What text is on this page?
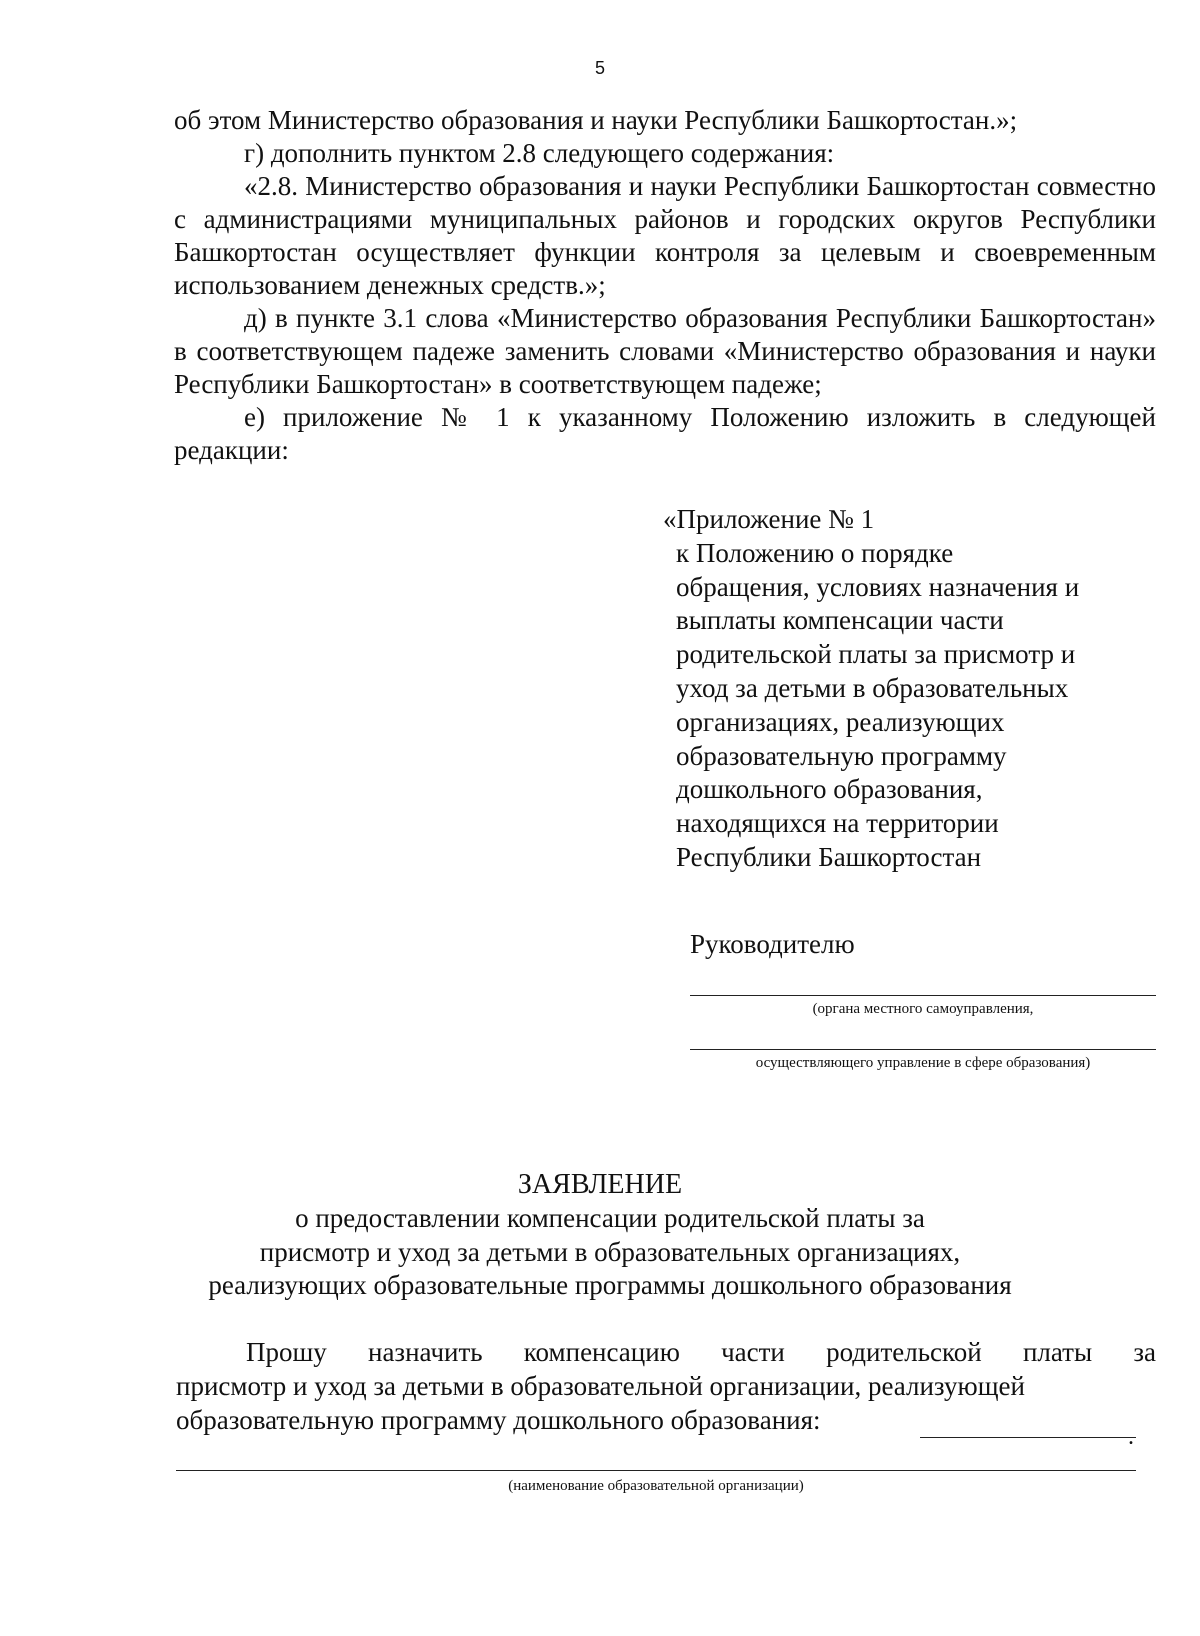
5

об этом Министерство образования и науки Республики Башкортостан.»;

г) дополнить пунктом 2.8 следующего содержания:

«2.8. Министерство образования и науки Республики Башкортостан совместно с администрациями муниципальных районов и городских округов Республики Башкортостан осуществляет функции контроля за целевым и своевременным использованием денежных средств.»;

д) в пункте 3.1 слова «Министерство образования Республики Башкортостан» в соответствующем падеже заменить словами «Министерство образования и науки Республики Башкортостан» в соответствующем падеже;

е) приложение № 1 к указанному Положению изложить в следующей редакции:

«Приложение № 1
к Положению о порядке
обращения, условиях назначения и
выплаты компенсации части
родительской платы за присмотр и
уход за детьми в образовательных
организациях, реализующих
образовательную программу
дошкольного образования,
находящихся на территории
Республики Башкортостан
Руководителю
(органа местного самоуправления,
осуществляющего управление в сфере образования)
ЗАЯВЛЕНИЕ
о предоставлении компенсации родительской платы за
присмотр и уход за детьми в образовательных организациях,
реализующих образовательные программы дошкольного образования
Прошу назначить компенсацию части родительской платы за
присмотр и уход за детьми в образовательной организации, реализующей
образовательную программу дошкольного образования:
.
(наименование образовательной организации)
